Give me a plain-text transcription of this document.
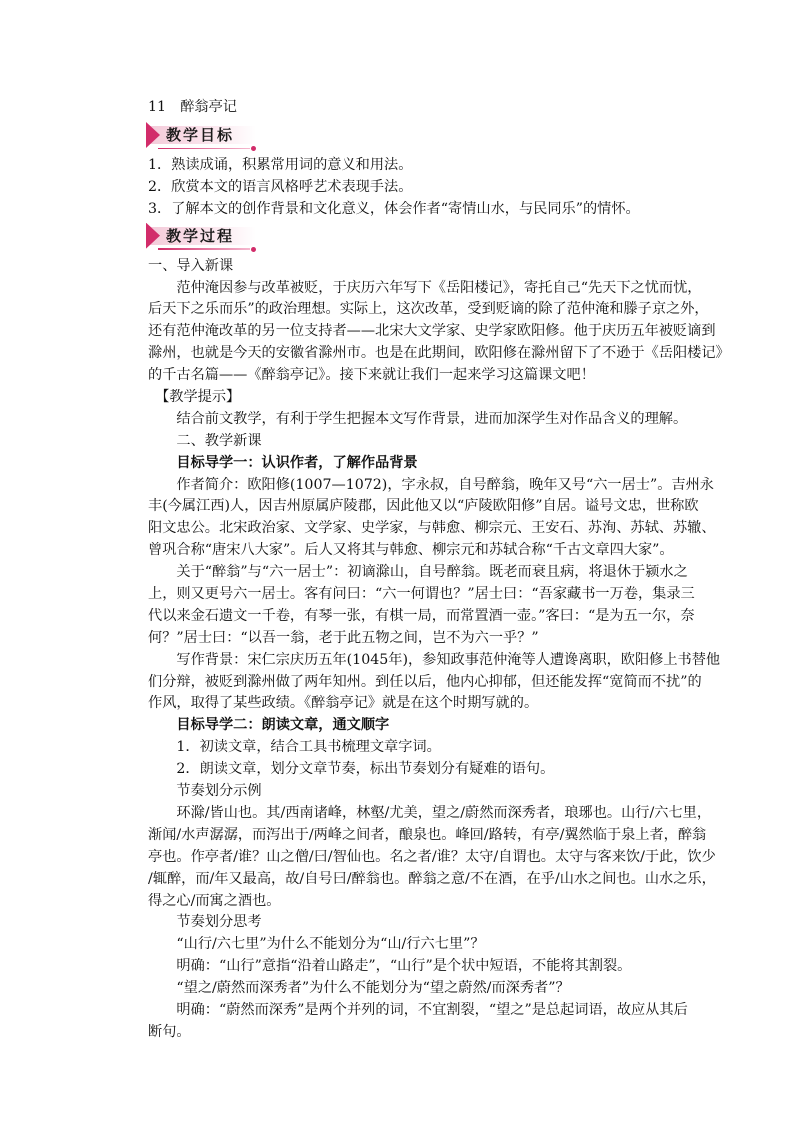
11　醉翁亭记
教学目标
1．熟读成诵，积累常用词的意义和用法。
2．欣赏本文的语言风格呼艺术表现手法。
3．了解本文的创作背景和文化意义，体会作者“寄情山水，与民同乐”的情怀。
教学过程
一、导入新课
　　范仲淹因参与改革被贬，于庆历六年写下《岳阳楼记》，寄托自己“先天下之忧而忧，
后天下之乐而乐”的政治理想。实际上，这次改革，受到贬谪的除了范仲淹和滕子京之外，
还有范仲淹改革的另一位支持者——北宋大文学家、史学家欧阳修。他于庆历五年被贬谪到
滁州，也就是今天的安徽省滁州市。也是在此期间，欧阳修在滁州留下了不逊于《岳阳楼记》
的千古名篇——《醉翁亭记》。接下来就让我们一起来学习这篇课文吧！
　【教学提示】
　　结合前文教学，有利于学生把握本文写作背景，进而加深学生对作品含义的理解。
　　二、教学新课
　　目标导学一：认识作者，了解作品背景
　　作者简介：欧阳修(1007—1072)，字永叔，自号醉翁，晚年又号“六一居士”。吉州永
丰(今属江西)人，因吉州原属庐陵郡，因此他又以“庐陵欧阳修”自居。谥号文忠，世称欧
阳文忠公。北宋政治家、文学家、史学家，与韩愈、柳宗元、王安石、苏洵、苏轼、苏辙、
曾巩合称“唐宋八大家”。后人又将其与韩愈、柳宗元和苏轼合称“千古文章四大家”。
　　关于“醉翁”与“六一居士”：初谪滁山，自号醉翁。既老而衰且病，将退休于颍水之
上，则又更号六一居士。客有问曰：“六一何谓也？”居士曰：“吾家藏书一万卷，集录三
代以来金石遗文一千卷，有琴一张，有棋一局，而常置酒一壶。”客曰：“是为五一尔，奈
何？”居士曰：“以吾一翁，老于此五物之间，岂不为六一乎？”
　　写作背景：宋仁宗庆历五年(1045年)，参知政事范仲淹等人遭谗离职，欧阳修上书替他
们分辩，被贬到滁州做了两年知州。到任以后，他内心抑郁，但还能发挥“宽简而不扰”的
作风，取得了某些政绩。《醉翁亭记》就是在这个时期写就的。
　　目标导学二：朗读文章，通文顺字
　　1．初读文章，结合工具书梳理文章字词。
　　2．朗读文章，划分文章节奏，标出节奏划分有疑难的语句。
　　节奏划分示例
　　环滁/皆山也。其/西南诸峰，林壑/尤美，望之/蔚然而深秀者，琅琊也。山行/六七里，
渐闻/水声潺潺，而泻出于/两峰之间者，酿泉也。峰回/路转，有亭/翼然临于泉上者，醉翁
亭也。作亭者/谁？山之僧/曰/智仙也。名之者/谁？太守/自谓也。太守与客来饮/于此，饮少
/辄醉，而/年又最高，故/自号曰/醉翁也。醉翁之意/不在酒，在乎/山水之间也。山水之乐，
得之心/而寓之酒也。
　　节奏划分思考
　　“山行/六七里”为什么不能划分为“山/行六七里”？
　　明确：“山行”意指“沿着山路走”，“山行”是个状中短语，不能将其割裂。
　　“望之/蔚然而深秀者”为什么不能划分为“望之蔚然/而深秀者”？
　　明确：“蔚然而深秀”是两个并列的词，不宜割裂，“望之”是总起词语，故应从其后
断句。
